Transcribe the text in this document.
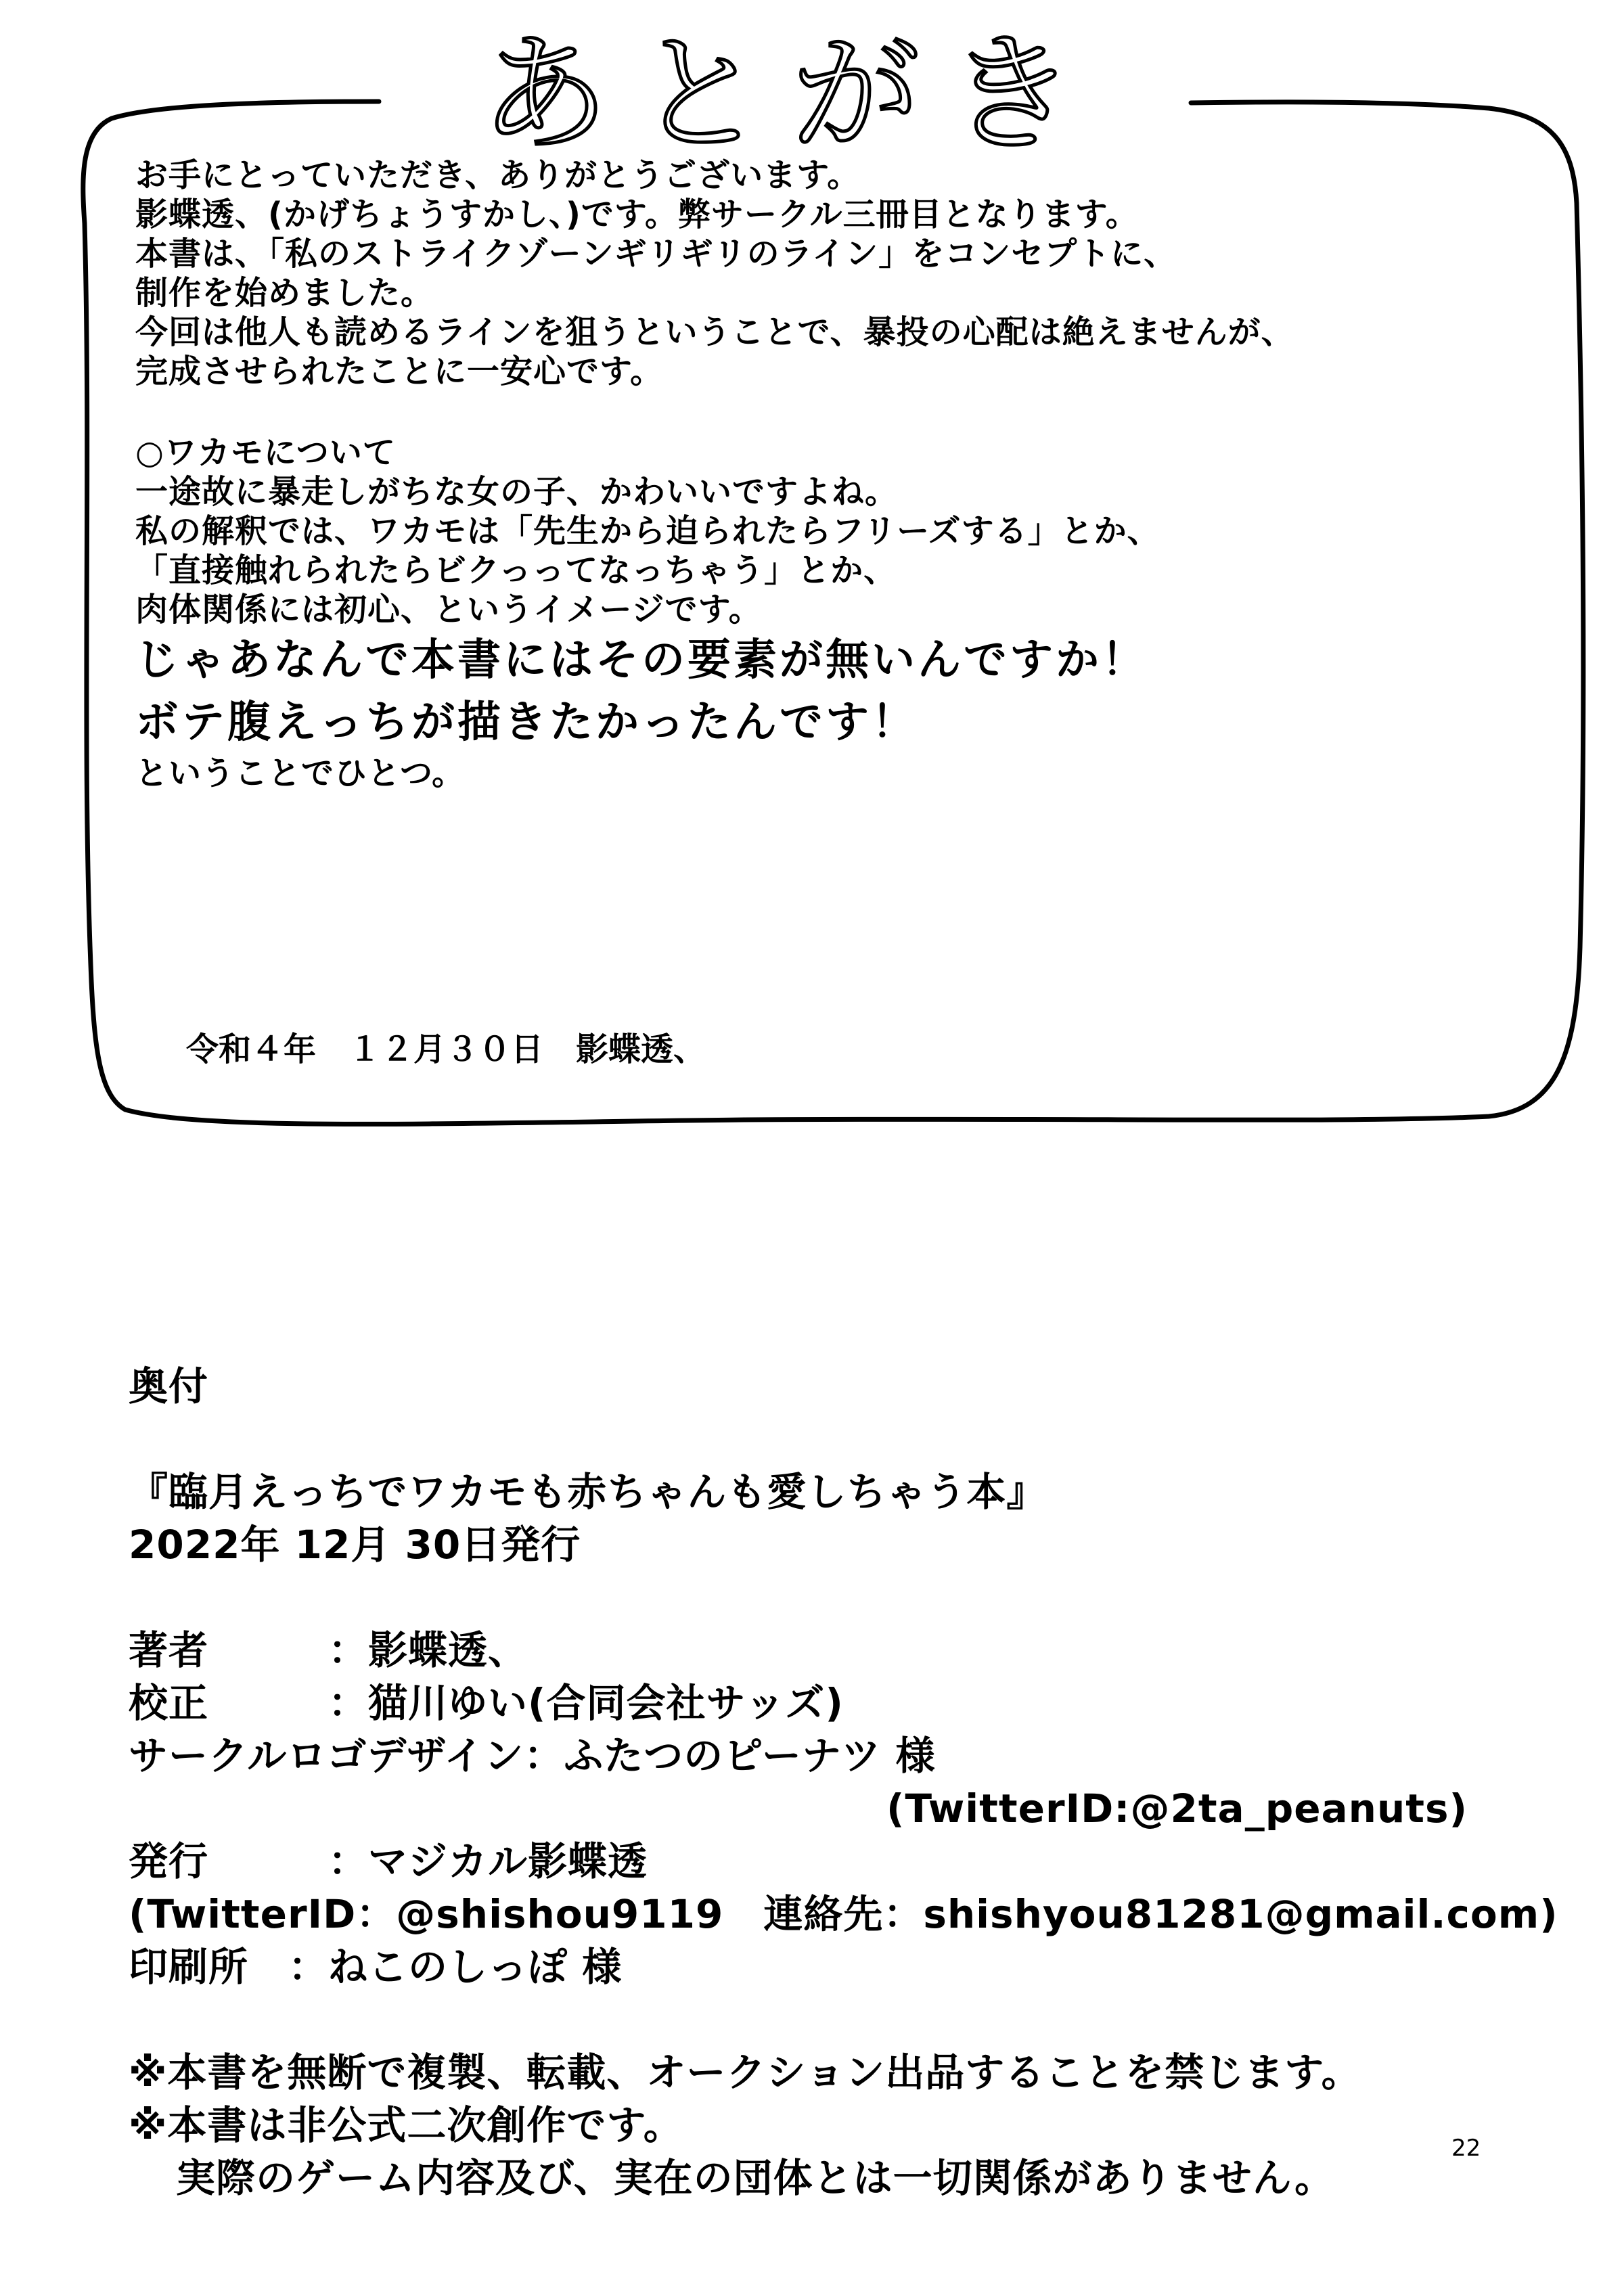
あとがき
お手にとっていただき、ありがとうございます。
影蝶透、(かげちょうすかし、)です。弊サークル三冊目となります。
本書は、「私のストライクゾーンギリギリのライン」をコンセプトに、
制作を始めました。
今回は他人も読めるラインを狙うということで、暴投の心配は絶えませんが、
完成させられたことに一安心です。
○ワカモについて
一途故に暴走しがちな女の子、かわいいですよね。
私の解釈では、ワカモは「先生から迫られたらフリーズする」とか、
「直接触れられたらビクっってなっちゃう」とか、
肉体関係には初心、というイメージです。
じゃあなんで本書にはその要素が無いんですか！
ボテ腹えっちが描きたかったんです！
ということでひとつ。
令和４年　１２月３０日　影蝶透、
奥付
『臨月えっちでワカモも赤ちゃんも愛しちゃう本』
2022年 12月 30日発行
著者　　　：影蝶透、
校正　　　：猫川ゆい(合同会社サッズ)
サークルロゴデザイン：ふたつのピーナツ 様
(TwitterID:@2ta_peanuts)
発行　　　：マジカル影蝶透
(TwitterID：@shishou9119　連絡先：shishyou81281@gmail.com)
印刷所　：ねこのしっぽ 様
※本書を無断で複製、転載、オークション出品することを禁じます。
※本書は非公式二次創作です。
実際のゲーム内容及び、実在の団体とは一切関係がありません。
22
